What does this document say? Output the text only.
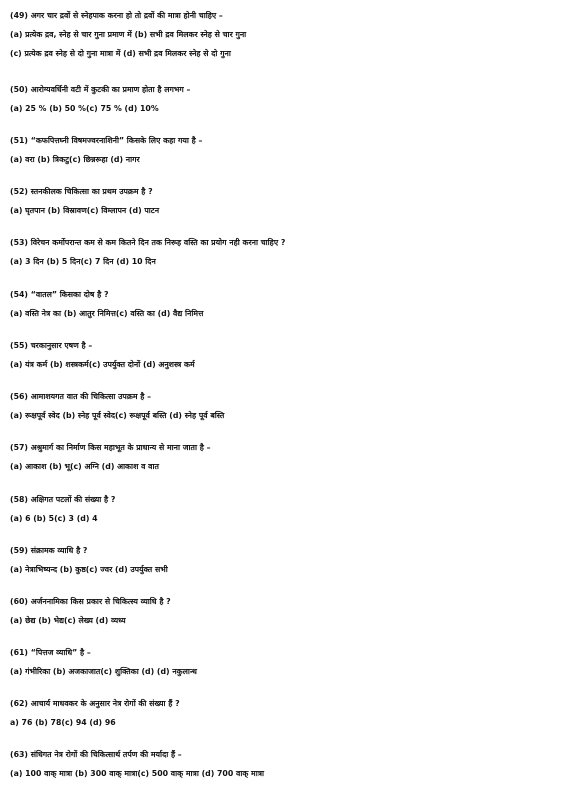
(49) अगर चार द्रवों से स्नेहपाक करना हो तो द्रवों की मात्रा होनी चाहिए –
(a) प्रत्येक द्रव, स्नेह से चार गुना प्रमाण में (b) सभी द्रव मिलकर स्नेह से चार गुना
(c) प्रत्येक द्रव स्नेह से दो गुना मात्रा में (d) सभी द्रव मिलकर स्नेह से दो गुना
(50) आरोग्यवर्धिनी वटी में कुटकी का प्रमाण होता है लगभग –
(a) 25 % (b) 50 %(c) 75 % (d) 10%
(51) “कफपित्तघ्नी विषमज्वरनाशिनी” किसके लिए कहा गया है –
(a) वरा (b) त्रिकटु(c) छिन्नरूहा (d) नागर
(52) स्तनकीलक चिकित्सा का प्रथम उपक्रम है ?
(a) घृतपान (b) विस्रावण(c) विम्लापन (d) पाटन
(53) विरेचन कर्मोपरान्त कम से कम कितने दिन तक निरूह वस्ति का प्रयोग नही करना चाहिए ?
(a) 3 दिन (b) 5 दिन(c) 7 दिन (d) 10 दिन
(54) “वातल” किसका दोष है ?
(a) वस्ति नेत्र का (b) आतुर निमित्त(c) वस्ति का (d) वैद्य निमित्त
(55) चरकानुसार एषण है –
(a) यंत्र कर्म (b) शस्त्रकर्म(c) उपर्युक्त दोनों (d) अनुशस्त्र कर्म
(56) आमाशयगत वात की चिकित्सा उपक्रम है –
(a) रूक्षपूर्व स्वेद (b) स्नेह पूर्व स्वेद(c) रूक्षपूर्व बस्ति (d) स्नेह पूर्व बस्ति
(57) अश्रुमार्ग का निर्माण किस महाभूत के प्राधान्य से माना जाता है –
(a) आकाश (b) भू(c) अग्नि (d) आकाश व वात
(58) अक्षिगत पटलों की संख्या है ?
(a) 6 (b) 5(c) 3 (d) 4
(59) संक्रामक व्याधि है ?
(a) नेत्राभिष्यन्द (b) कुष्ठ(c) ज्वर (d) उपर्युक्त सभी
(60) अर्जननामिका किस प्रकार से चिकित्स्य व्याधि है ?
(a) छेद्य (b) भेद्य(c) लेख्य (d) व्यध्य
(61) “पित्तज व्याधि” है –
(a) गंभीरिका (b) अजकाजात(c) शुक्तिका (d) (d) नकुलान्ध
(62) आचार्य माधवकर के अनुसार नेत्र रोगों की संख्या हैं ?
a) 76 (b) 78(c) 94 (d) 96
(63) संधिगत नेत्र रोगों की चिकित्सार्थ तर्पण की मर्यादा हैं –
(a) 100 वाक् मात्रा (b) 300 वाक् मात्रा(c) 500 वाक् मात्रा (d) 700 वाक् मात्रा
